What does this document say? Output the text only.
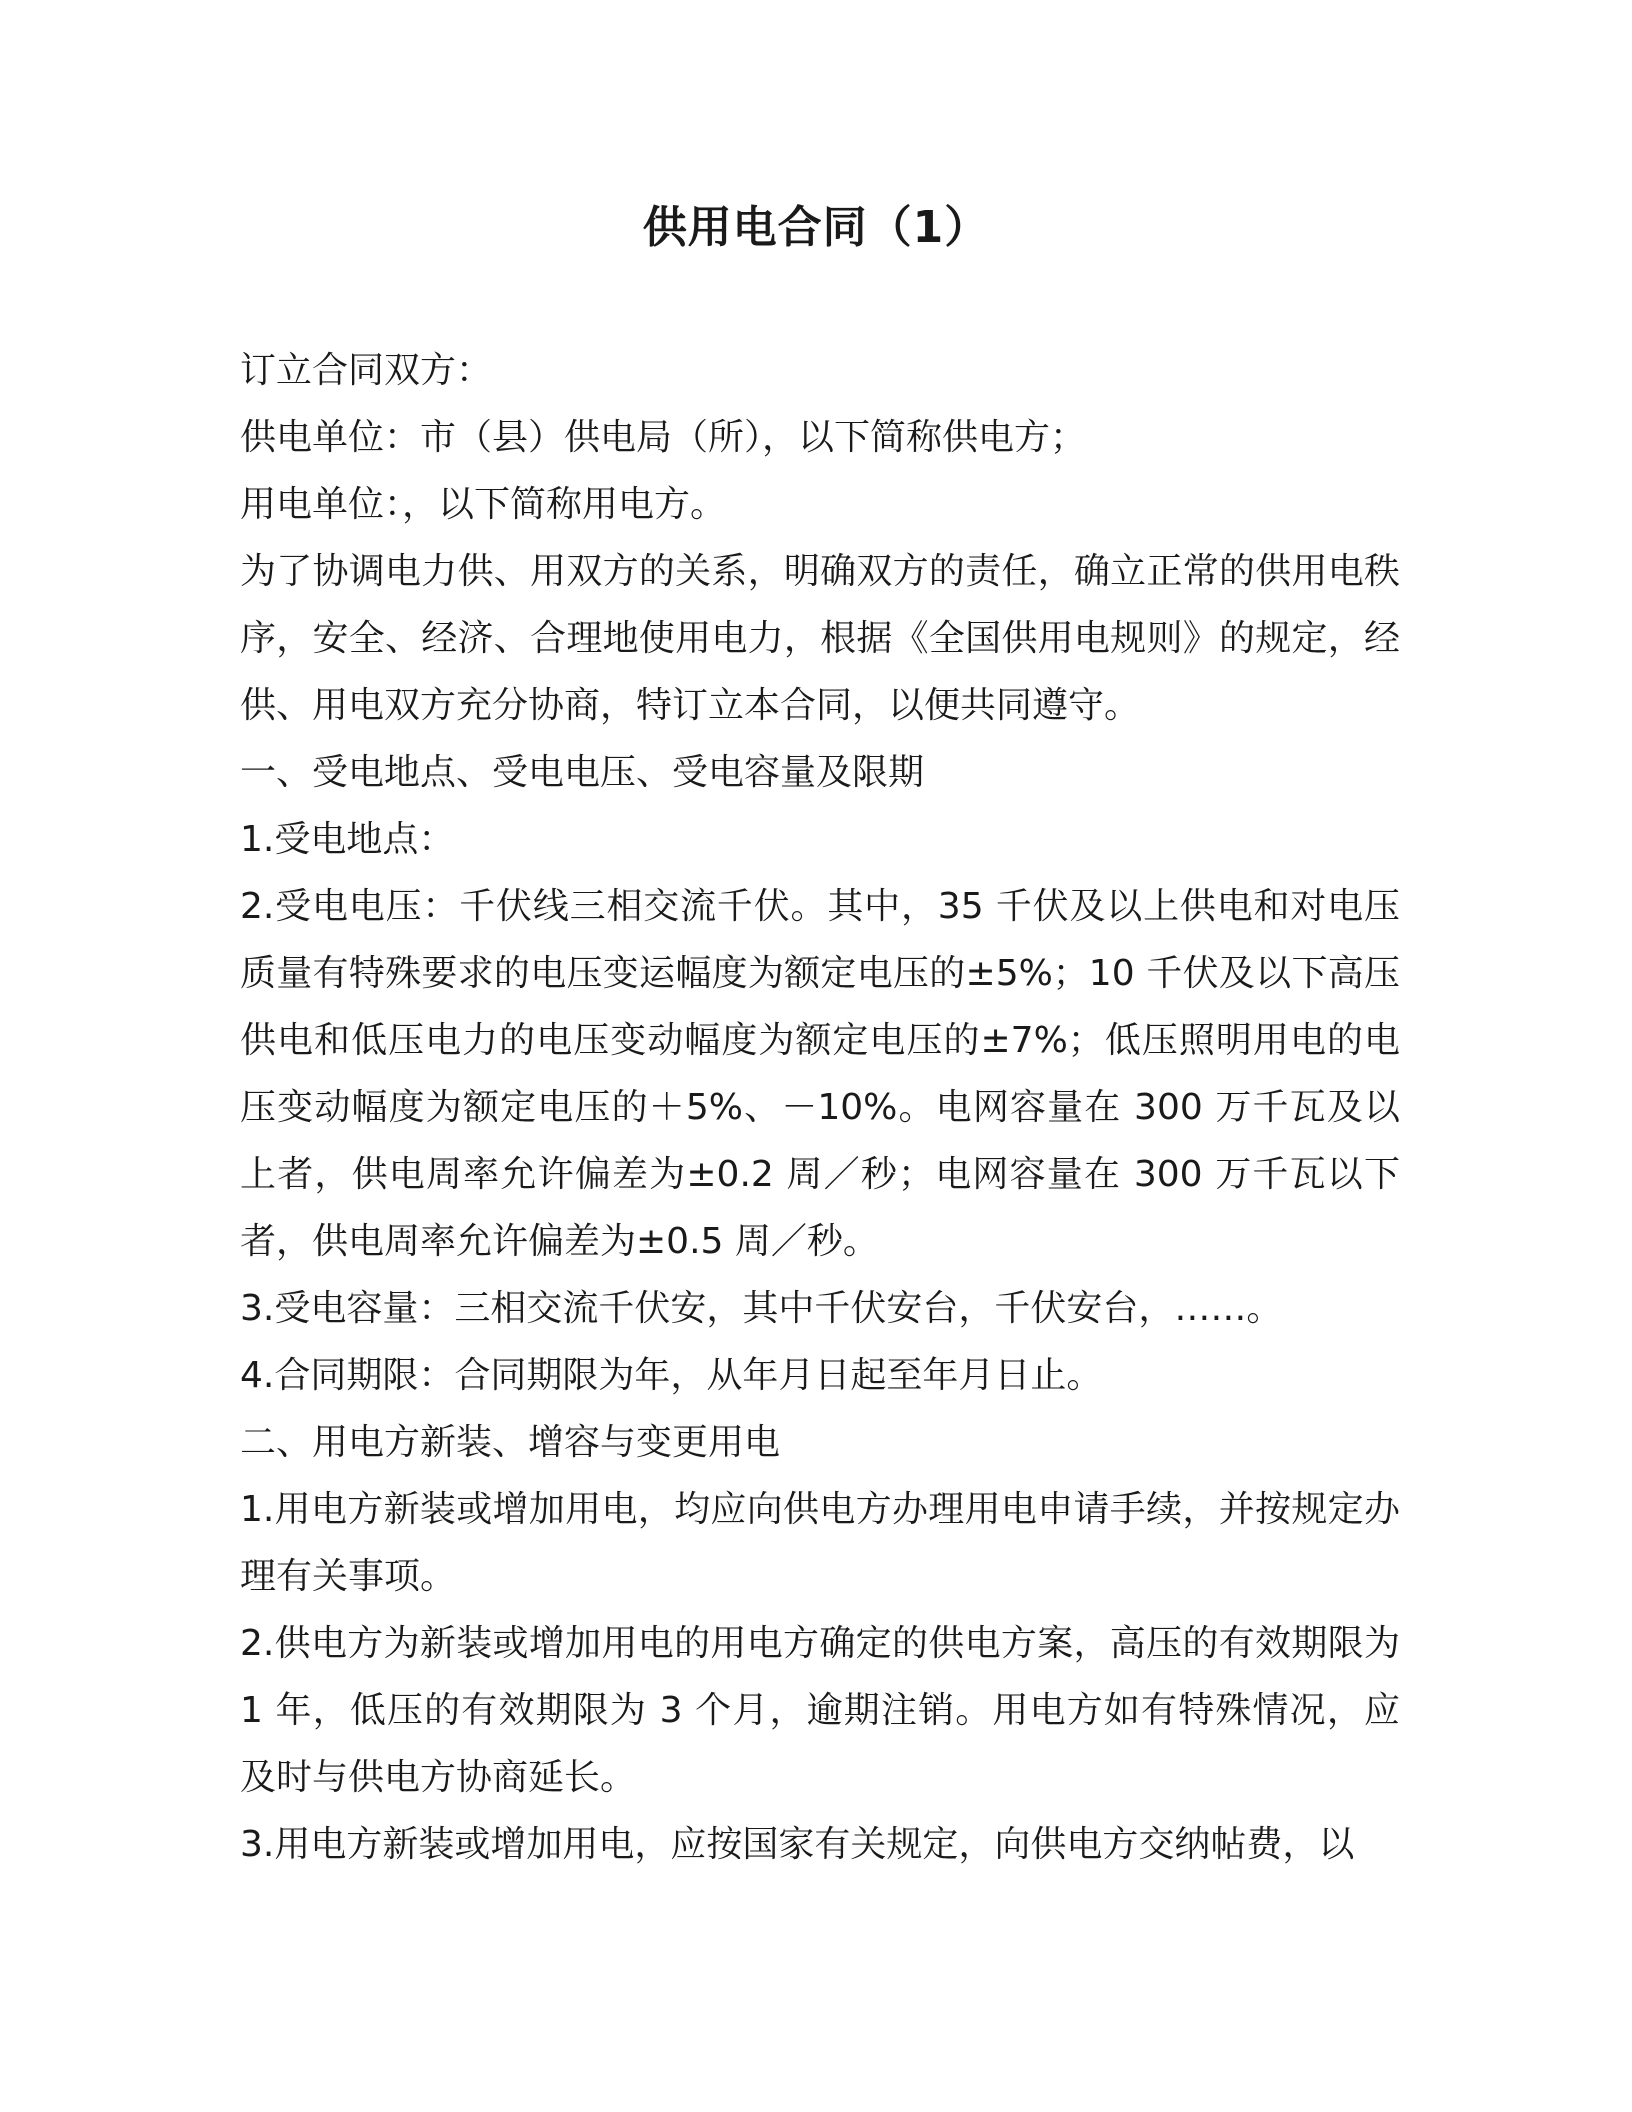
供用电合同（1）

订立合同双方：

供电单位：市（县）供电局（所），以下简称供电方；

用电单位：，以下简称用电方。

为了协调电力供、用双方的关系，明确双方的责任，确立正常的供用电秩序，安全、经济、合理地使用电力，根据《全国供用电规则》的规定，经供、用电双方充分协商，特订立本合同，以便共同遵守。

一、受电地点、受电电压、受电容量及限期

1.受电地点：

2.受电电压：千伏线三相交流千伏。其中，35 千伏及以上供电和对电压质量有特殊要求的电压变运幅度为额定电压的±5%；10 千伏及以下高压供电和低压电力的电压变动幅度为额定电压的±7%；低压照明用电的电压变动幅度为额定电压的＋5%、－10%。电网容量在 300 万千瓦及以上者，供电周率允许偏差为±0.2 周／秒；电网容量在 300 万千瓦以下者，供电周率允许偏差为±0.5 周／秒。

3.受电容量：三相交流千伏安，其中千伏安台，千伏安台，……。

4.合同期限：合同期限为年，从年月日起至年月日止。

二、用电方新装、增容与变更用电

1.用电方新装或增加用电，均应向供电方办理用电申请手续，并按规定办理有关事项。

2.供电方为新装或增加用电的用电方确定的供电方案，高压的有效期限为 1 年，低压的有效期限为 3 个月，逾期注销。用电方如有特殊情况，应及时与供电方协商延长。

3.用电方新装或增加用电，应按国家有关规定，向供电方交纳帖费，以
